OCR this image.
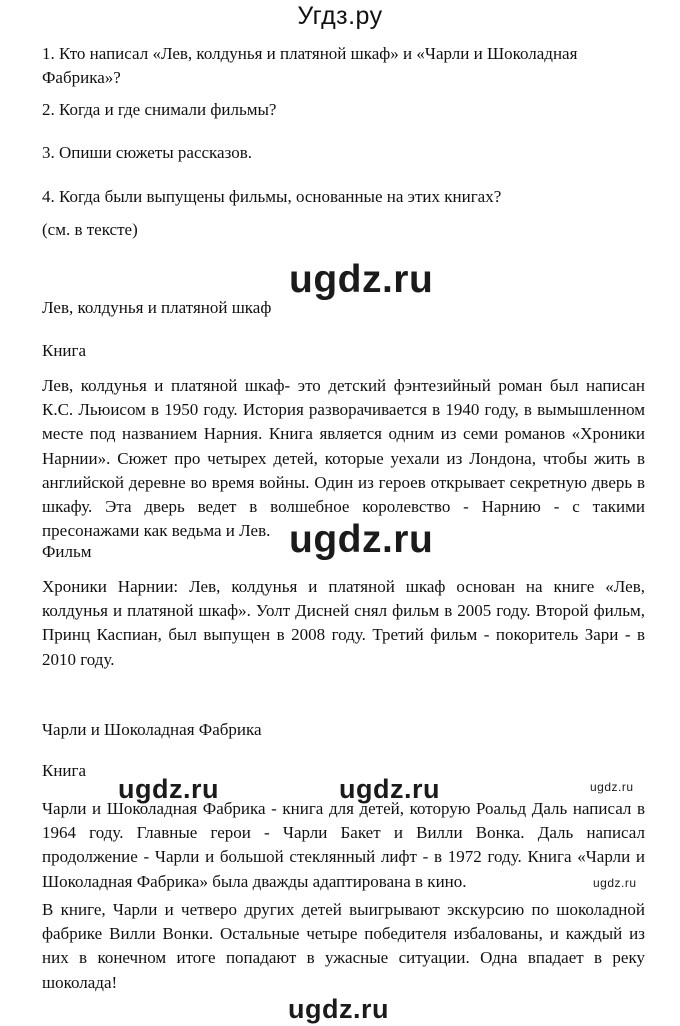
Угдз.ру

1. Кто написал «Лев, колдунья и платяной шкаф» и «Чарли и Шоколадная Фабрика»?

2. Когда и где снимали фильмы?

3. Опиши сюжеты рассказов.

4. Когда были выпущены фильмы, основанные на этих книгах?

(см. в тексте)

ugdz.ru

Лев, колдунья и платяной шкаф

Книга

Лев, колдунья и платяной шкаф- это детский фэнтезийный роман был написан К.С. Льюисом в 1950 году. История разворачивается в 1940 году, в вымышленном месте под названием Нарния. Книга является одним из семи романов «Хроники Нарнии». Сюжет про четырех детей, которые уехали из Лондона, чтобы жить в английской деревне во время войны. Один из героев открывает секретную дверь в шкафу. Эта дверь ведет в волшебное королевство - Нарнию - с такими пресонажами как ведьма и Лев.

Фильм	ugdz.ru

Хроники Нарнии: Лев, колдунья и платяной шкаф основан на книге «Лев, колдунья и платяной шкаф». Уолт Дисней снял фильм в 2005 году. Второй фильм, Принц Каспиан, был выпущен в 2008 году. Третий фильм - покоритель Зари - в 2010 году.

Чарли и Шоколадная Фабрика

Книга

ugdz.ru	ugdz.ru	ugdz.ru

Чарли и Шоколадная Фабрика - книга для детей, которую Роальд Даль написал в 1964 году. Главные герои - Чарли Бакет и Вилли Вонка. Даль написал продолжение - Чарли и большой стеклянный лифт - в 1972 году. Книга «Чарли и Шоколадная Фабрика» была дважды адаптирована в кино.	ugdz.ru

В книге, Чарли и четверо других детей выигрывают экскурсию по шоколадной фабрике Вилли Вонки. Остальные четыре победителя избалованы, и каждый из них в конечном итоге попадают в ужасные ситуации. Одна впадает в реку шоколада!

ugdz.ru
